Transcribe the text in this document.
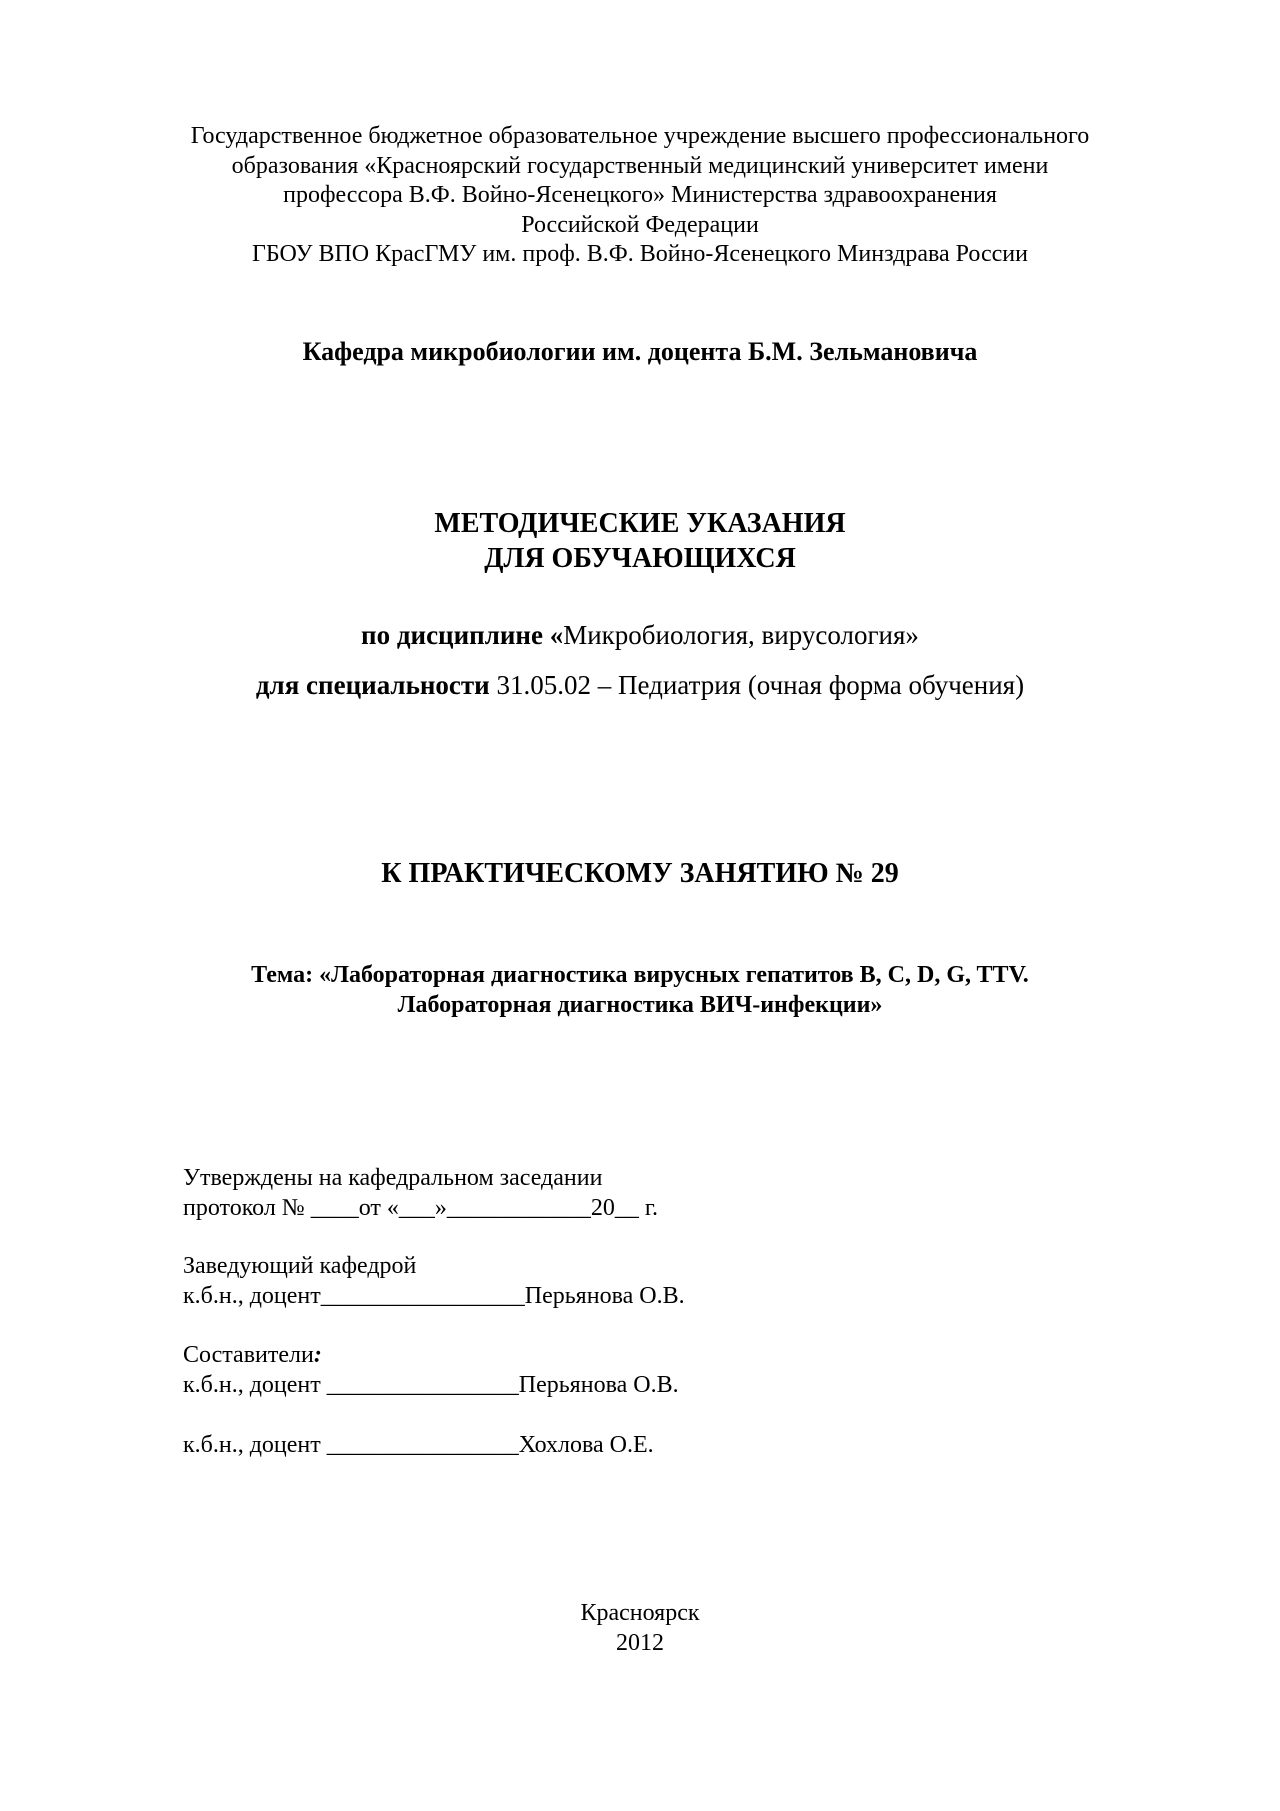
Государственное бюджетное образовательное учреждение высшего профессионального
образования «Красноярский государственный медицинский университет имени
профессора В.Ф. Войно-Ясенецкого» Министерства здравоохранения
Российской Федерации
ГБОУ ВПО КрасГМУ им. проф. В.Ф. Войно-Ясенецкого Минздрава России
Кафедра микробиологии им. доцента Б.М. Зельмановича
МЕТОДИЧЕСКИЕ УКАЗАНИЯ
ДЛЯ ОБУЧАЮЩИХСЯ
по дисциплине «Микробиология, вирусология»
для специальности 31.05.02 – Педиатрия (очная форма обучения)
К ПРАКТИЧЕСКОМУ ЗАНЯТИЮ № 29
Тема: «Лабораторная диагностика вирусных гепатитов В, С, D, G, TTV.
Лабораторная диагностика ВИЧ-инфекции»
Утверждены на кафедральном заседании
протокол № ____от «___»____________20__ г.
Заведующий кафедрой
к.б.н., доцент_________________Перьянова О.В.
Составители:
к.б.н., доцент ________________Перьянова О.В.
к.б.н., доцент ________________Хохлова О.Е.
Красноярск
2012
